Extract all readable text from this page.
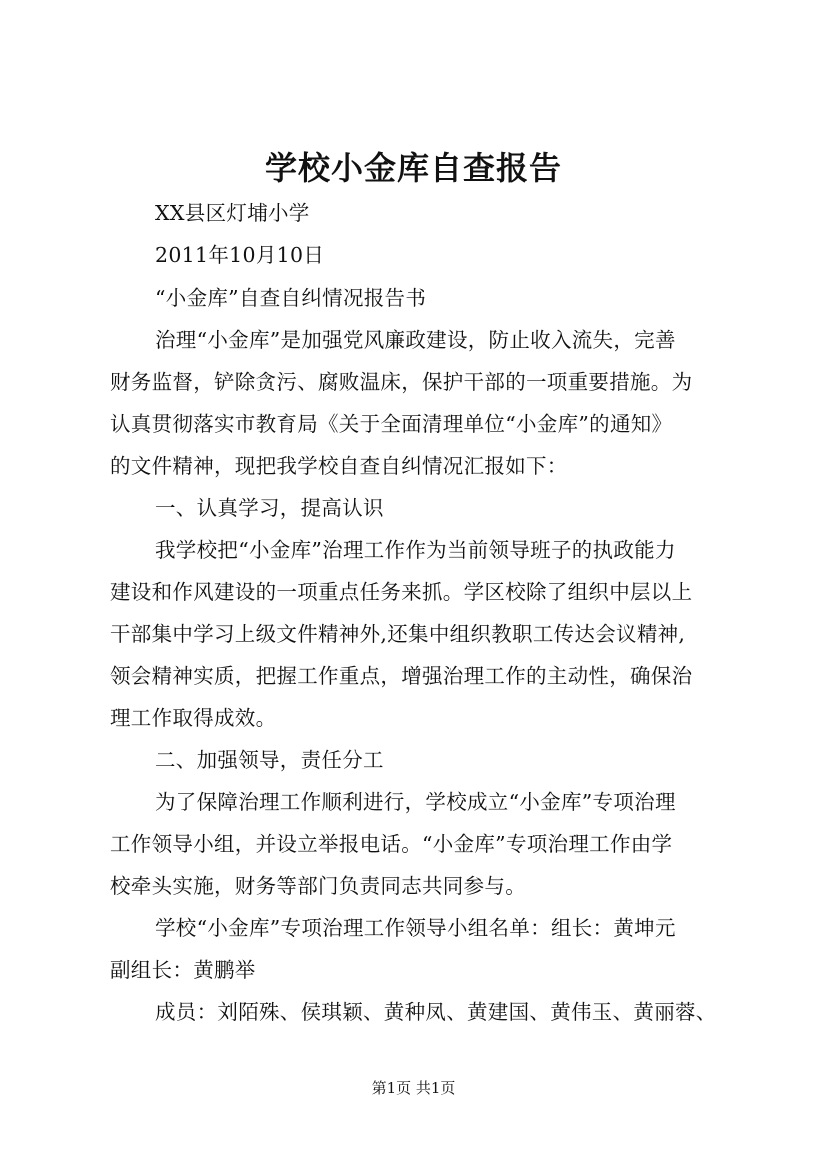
学校小金库自查报告
XX县区灯埔小学
2011年10月10日
“小金库”自查自纠情况报告书
治理“小金库”是加强党风廉政建设，防止收入流失，完善
财务监督，铲除贪污、腐败温床，保护干部的一项重要措施。为
认真贯彻落实市教育局《关于全面清理单位“小金库”的通知》
的文件精神，现把我学校自查自纠情况汇报如下：
一、认真学习，提高认识
我学校把“小金库”治理工作作为当前领导班子的执政能力
建设和作风建设的一项重点任务来抓。学区校除了组织中层以上
干部集中学习上级文件精神外,还集中组织教职工传达会议精神,
领会精神实质，把握工作重点，增强治理工作的主动性，确保治
理工作取得成效。
二、加强领导，责任分工
为了保障治理工作顺利进行，学校成立“小金库”专项治理
工作领导小组，并设立举报电话。“小金库”专项治理工作由学
校牵头实施，财务等部门负责同志共同参与。
学校“小金库”专项治理工作领导小组名单：组长：黄坤元
副组长：黄鹏举
成员：刘陌殊、侯琪颖、黄种凤、黄建国、黄伟玉、黄丽蓉、
第1页 共1页
